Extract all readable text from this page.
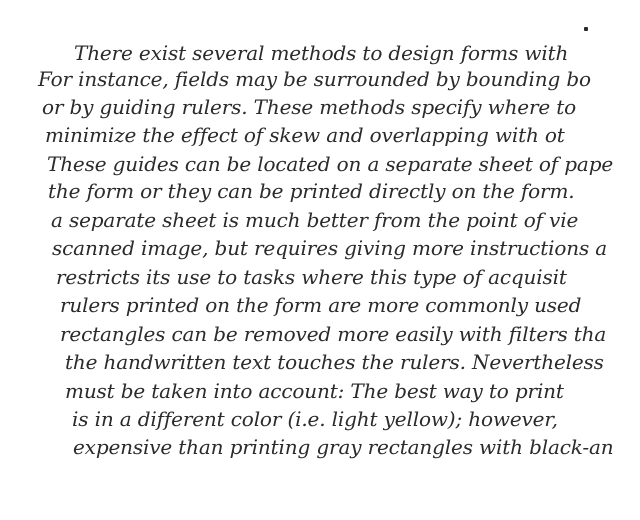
There exist several methods to design forms with
For instance, fields may be surrounded by bounding bo
or by guiding rulers. These methods specify where to
minimize the effect of skew and overlapping with ot
These guides can be located on a separate sheet of pape
the form or they can be printed directly on the form.
a separate sheet is much better from the point of vie
scanned image, but requires giving more instructions a
restricts its use to tasks where this type of acquisit
rulers printed on the form are more commonly used
rectangles can be removed more easily with filters tha
the handwritten text touches the rulers. Nevertheless
must be taken into account: The best way to print
is in a different color (i.e. light yellow); however,
expensive than printing gray rectangles with black-an
